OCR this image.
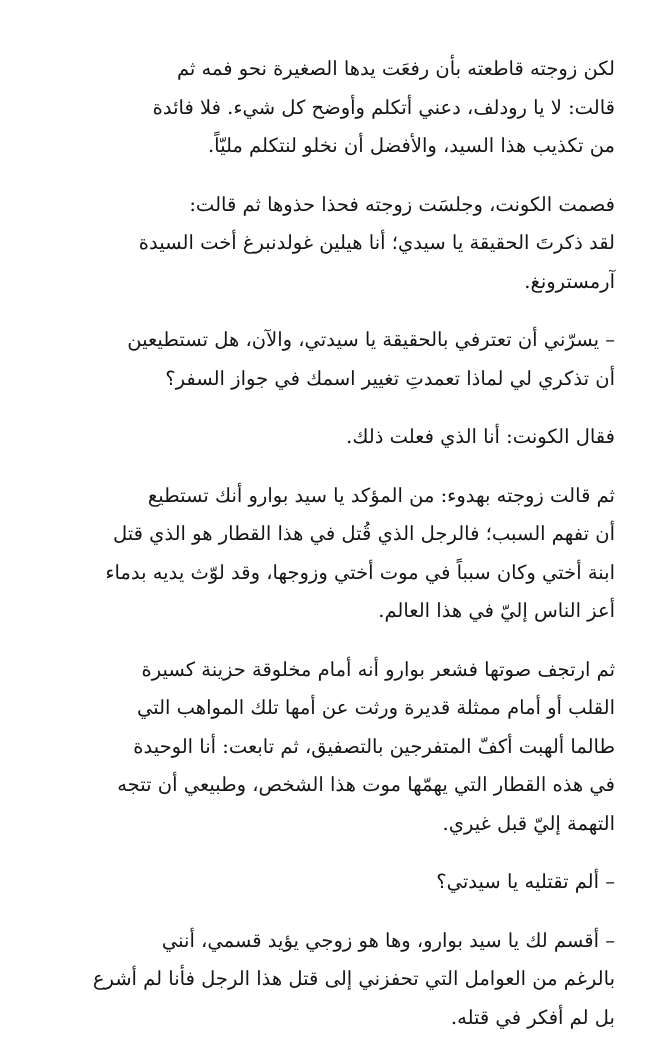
لكن زوجته قاطعته بأن رفعَت يدها الصغيرة نحو فمه ثم
قالت: لا يا رودلف، دعني أتكلم وأوضح كل شيء. فلا فائدة
من تكذيب هذا السيد، والأفضل أن نخلو لنتكلم مليّاً.

فصمت الكونت، وجلسَت زوجته فحذا حذوها ثم قالت:
لقد ذكرتَ الحقيقة يا سيدي؛ أنا هيلين غولدنبرغ أخت السيدة
آرمسترونغ.

– يسرّني أن تعترفي بالحقيقة يا سيدتي، والآن، هل تستطيعين
أن تذكري لي لماذا تعمدتِ تغيير اسمك في جواز السفر؟

فقال الكونت: أنا الذي فعلت ذلك.

ثم قالت زوجته بهدوء: من المؤكد يا سيد بوارو أنك تستطيع
أن تفهم السبب؛ فالرجل الذي قُتل في هذا القطار هو الذي قتل
ابنة أختي وكان سبباً في موت أختي وزوجها، وقد لوّث يديه بدماء
أعز الناس إليّ في هذا العالم.

ثم ارتجف صوتها فشعر بوارو أنه أمام مخلوقة حزينة كسيرة
القلب أو أمام ممثلة قديرة ورثت عن أمها تلك المواهب التي
طالما ألهبت أكفّ المتفرجين بالتصفيق، ثم تابعت: أنا الوحيدة
في هذه القطار التي يهمّها موت هذا الشخص، وطبيعي أن تتجه
التهمة إليّ قبل غيري.

– ألم تقتليه يا سيدتي؟

– أقسم لك يا سيد بوارو، وها هو زوجي يؤيد قسمي، أنني
بالرغم من العوامل التي تحفزني إلى قتل هذا الرجل فأنا لم أشرع
بل لم أفكر في قتله.
